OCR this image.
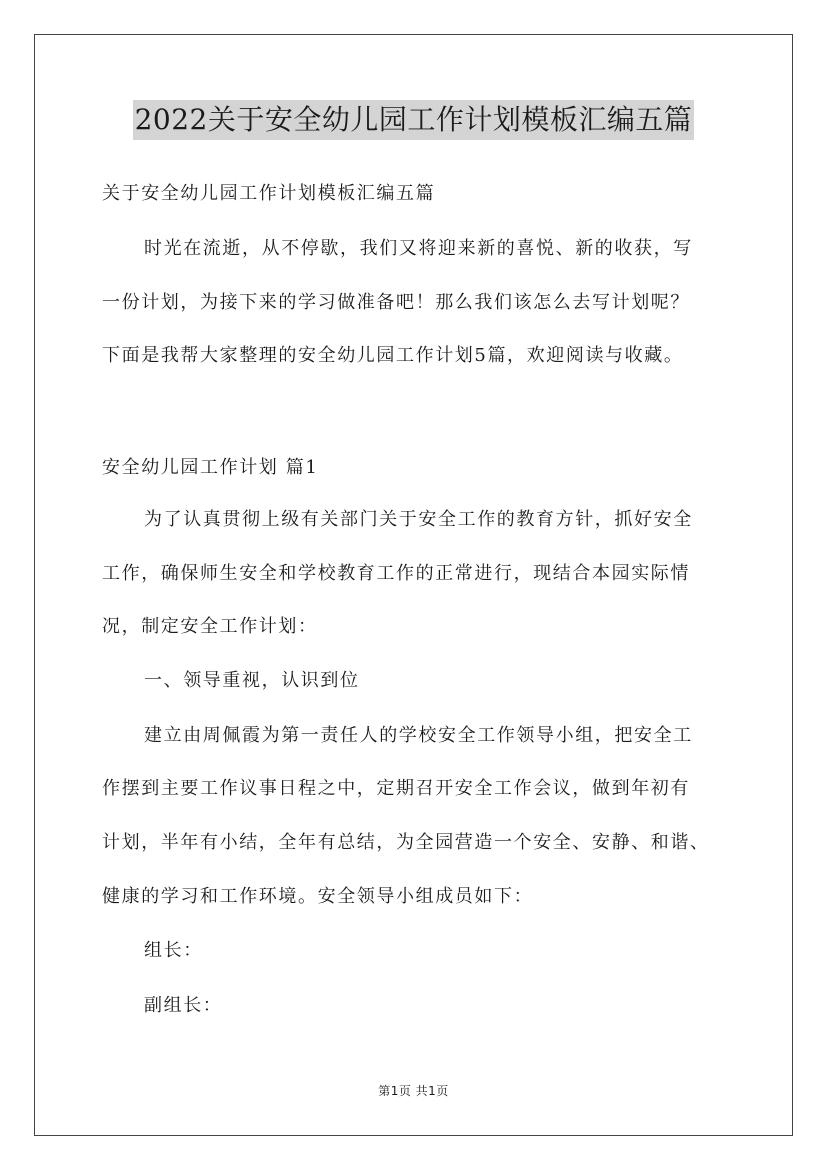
2022关于安全幼儿园工作计划模板汇编五篇
关于安全幼儿园工作计划模板汇编五篇
时光在流逝，从不停歇，我们又将迎来新的喜悦、新的收获，写
一份计划，为接下来的学习做准备吧！那么我们该怎么去写计划呢？
下面是我帮大家整理的安全幼儿园工作计划5篇，欢迎阅读与收藏。
安全幼儿园工作计划 篇1
为了认真贯彻上级有关部门关于安全工作的教育方针，抓好安全
工作，确保师生安全和学校教育工作的正常进行，现结合本园实际情
况，制定安全工作计划：
一、领导重视，认识到位
建立由周佩霞为第一责任人的学校安全工作领导小组，把安全工
作摆到主要工作议事日程之中，定期召开安全工作会议，做到年初有
计划，半年有小结，全年有总结，为全园营造一个安全、安静、和谐、
健康的学习和工作环境。安全领导小组成员如下：
组长：
副组长：
第1页 共1页
